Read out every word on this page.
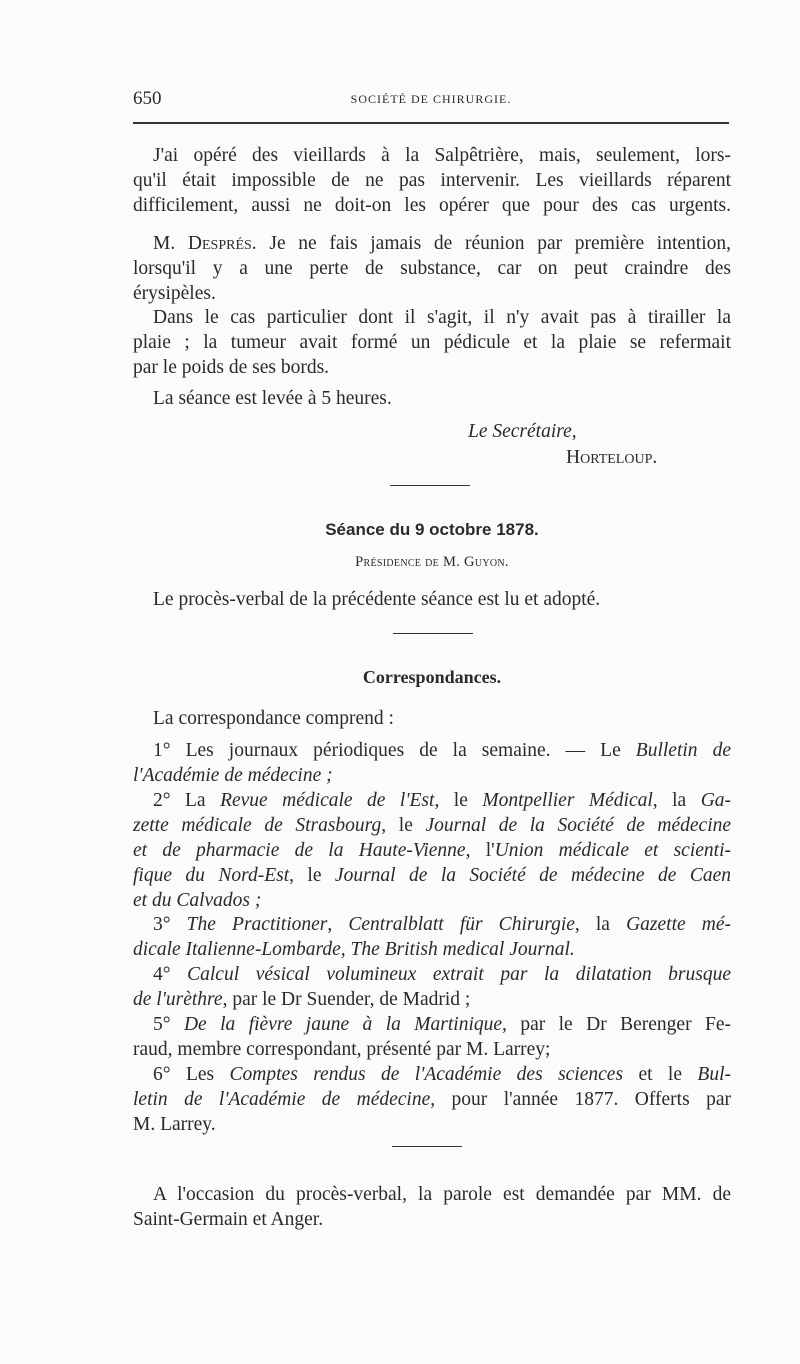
650	SOCIÉTÉ DE CHIRURGIE.
J'ai opéré des vieillards à la Salpêtrière, mais, seulement, lors-
qu'il était impossible de ne pas intervenir. Les vieillards réparent
difficilement, aussi ne doit-on les opérer que pour des cas urgents.
M. Després. Je ne fais jamais de réunion par première intention,
lorsqu'il y a une perte de substance, car on peut craindre des
érysipèles.
Dans le cas particulier dont il s'agit, il n'y avait pas à tirailler la
plaie ; la tumeur avait formé un pédicule et la plaie se refermait
par le poids de ses bords.
La séance est levée à 5 heures.
Le Secrétaire,
Horteloup.
Séance du 9 octobre 1878.
Présidence de M. Guyon.
Le procès-verbal de la précédente séance est lu et adopté.
Correspondances.
La correspondance comprend :
1° Les journaux périodiques de la semaine. — Le Bulletin de
l'Académie de médecine ;
2° La Revue médicale de l'Est, le Montpellier Médical, la Ga-
zette médicale de Strasbourg, le Journal de la Société de médecine
et de pharmacie de la Haute-Vienne, l'Union médicale et scienti-
fique du Nord-Est, le Journal de la Société de médecine de Caen
et du Calvados ;
3° The Practitioner, Centralblatt für Chirurgie, la Gazette mé-
dicale Italienne-Lombarde, The British medical Journal.
4° Calcul vésical volumineux extrait par la dilatation brusque
de l'urèthre, par le Dr Suender, de Madrid ;
5° De la fièvre jaune à la Martinique, par le Dr Berenger Fe-
raud, membre correspondant, présenté par M. Larrey;
6° Les Comptes rendus de l'Académie des sciences et le Bul-
letin de l'Académie de médecine, pour l'année 1877. Offerts par
M. Larrey.
A l'occasion du procès-verbal, la parole est demandée par MM. de
Saint-Germain et Anger.
